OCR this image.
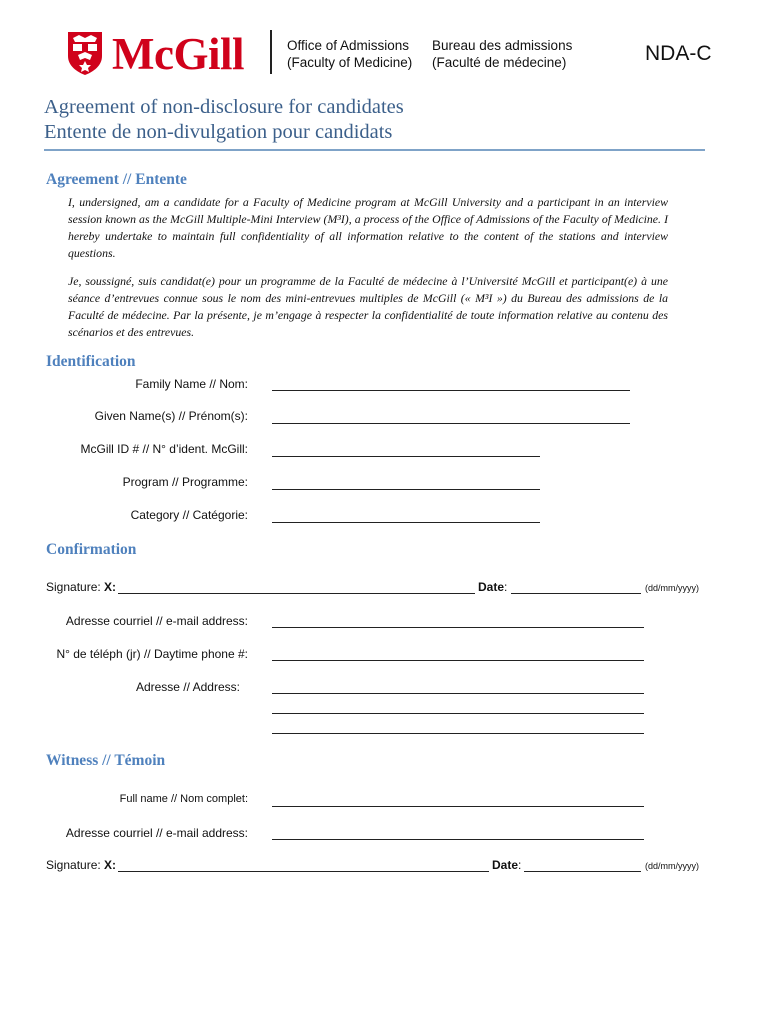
McGill	Office of Admissions
(Faculty of Medicine)
Bureau des admissions
(Faculté de médecine)	NDA-C
Agreement of non-disclosure for candidates
Entente de non-divulgation pour candidats
Agreement // Entente
I, undersigned, am a candidate for a Faculty of Medicine program at McGill University and a participant in an interview session known as the McGill Multiple-Mini Interview (M³I), a process of the Office of Admissions of the Faculty of Medicine. I hereby undertake to maintain full confidentiality of all information relative to the content of the stations and interview questions.
Je, soussigné, suis candidat(e) pour un programme de la Faculté de médecine à l’Université McGill et participant(e) à une séance d’entrevues connue sous le nom des mini-entrevues multiples de McGill (« M³I ») du Bureau des admissions de la Faculté de médecine. Par la présente, je m’engage à respecter la confidentialité de toute information relative au contenu des scénarios et des entrevues.
Identification
Family Name // Nom:
Given Name(s) // Prénom(s):
McGill ID # // N° d’ident. McGill:
Program // Programme:
Category // Catégorie:
Confirmation
Signature: X:	Date:	(dd/mm/yyyy)
Adresse courriel // e-mail address:
N° de téléph (jr) // Daytime phone #:
Adresse // Address:
Witness // Témoin
Full name // Nom complet:
Adresse courriel // e-mail address:
Signature: X:	Date:	(dd/mm/yyyy)
